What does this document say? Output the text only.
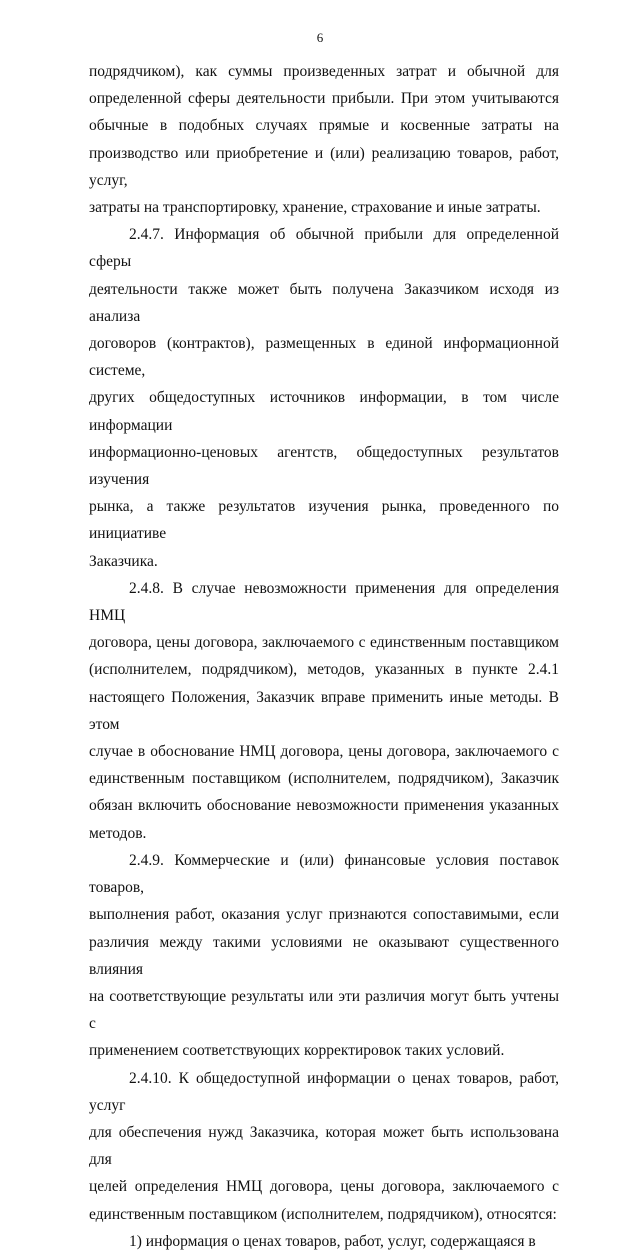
6
подрядчиком), как суммы произведенных затрат и обычной для
определенной сферы деятельности прибыли. При этом учитываются
обычные в подобных случаях прямые и косвенные затраты на
производство или приобретение и (или) реализацию товаров, работ, услуг,
затраты на транспортировку, хранение, страхование и иные затраты.
2.4.7. Информация об обычной прибыли для определенной сферы
деятельности также может быть получена Заказчиком исходя из анализа
договоров (контрактов), размещенных в единой информационной системе,
других общедоступных источников информации, в том числе информации
информационно-ценовых агентств, общедоступных результатов изучения
рынка, а также результатов изучения рынка, проведенного по инициативе
Заказчика.
2.4.8. В случае невозможности применения для определения НМЦ
договора, цены договора, заключаемого с единственным поставщиком
(исполнителем, подрядчиком), методов, указанных в пункте 2.4.1
настоящего Положения, Заказчик вправе применить иные методы. В этом
случае в обоснование НМЦ договора, цены договора, заключаемого с
единственным поставщиком (исполнителем, подрядчиком), Заказчик
обязан включить обоснование невозможности применения указанных
методов.
2.4.9. Коммерческие и (или) финансовые условия поставок товаров,
выполнения работ, оказания услуг признаются сопоставимыми, если
различия между такими условиями не оказывают существенного влияния
на соответствующие результаты или эти различия могут быть учтены с
применением соответствующих корректировок таких условий.
2.4.10. К общедоступной информации о ценах товаров, работ, услуг
для обеспечения нужд Заказчика, которая может быть использована для
целей определения НМЦ договора, цены договора, заключаемого с
единственным поставщиком (исполнителем, подрядчиком), относятся:
1) информация о ценах товаров, работ, услуг, содержащаяся в
